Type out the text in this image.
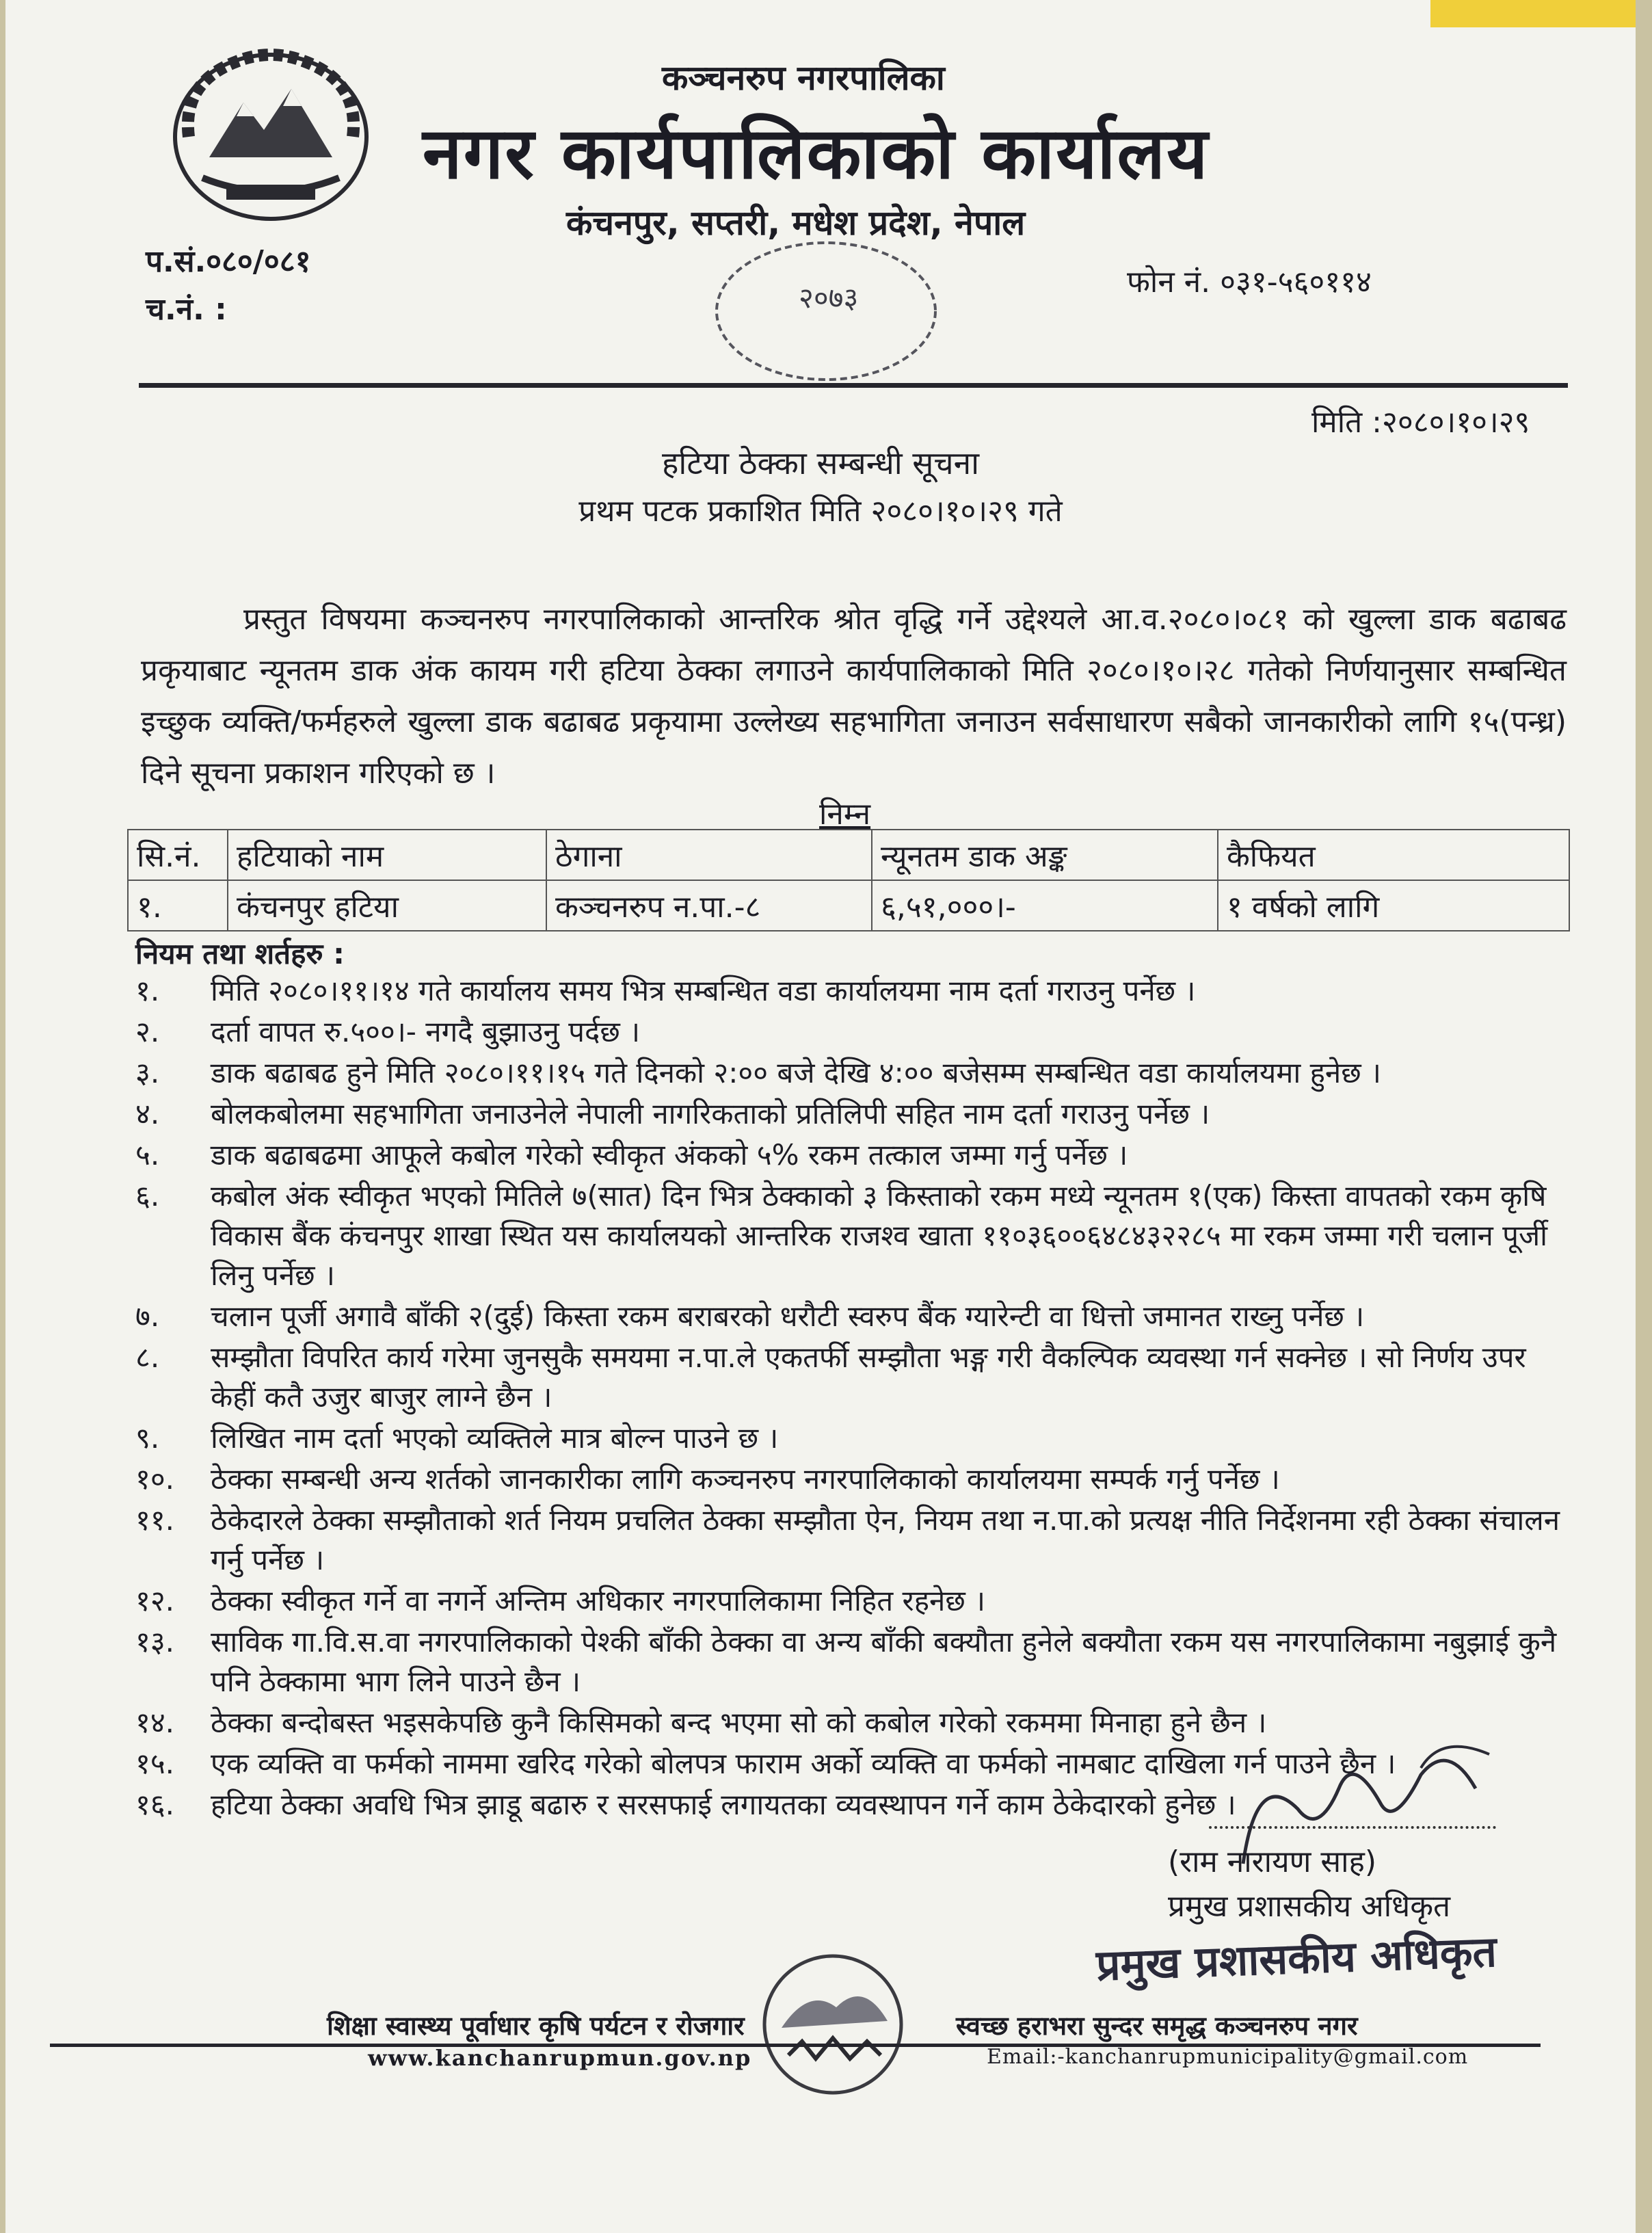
कञ्चनरुप नगरपालिका
नगर कार्यपालिकाको कार्यालय
कंचनपुर, सप्तरी, मधेश प्रदेश, नेपाल
प.सं.०८०/०८१
च.नं. :
फोन नं. ०३१-५६०११४
२०७३
मिति :२०८०।१०।२९
हटिया ठेक्का सम्बन्धी सूचना
प्रथम पटक प्रकाशित मिति २०८०।१०।२९ गते
प्रस्तुत विषयमा कञ्चनरुप नगरपालिकाको आन्तरिक श्रोत वृद्धि गर्ने उद्देश्यले आ.व.२०८०।०८१ को खुल्ला डाक बढाबढ प्रकृयाबाट न्यूनतम डाक अंक कायम गरी हटिया ठेक्का लगाउने कार्यपालिकाको मिति २०८०।१०।२८ गतेको निर्णयानुसार सम्बन्धित इच्छुक व्यक्ति/फर्महरुले खुल्ला डाक बढाबढ प्रकृयामा उल्लेख्य सहभागिता जनाउन सर्वसाधारण सबैको जानकारीको लागि १५(पन्ध्र) दिने सूचना प्रकाशन गरिएको छ ।
निम्न
सि.नं.	हटियाको नाम	ठेगाना	न्यूनतम डाक अङ्क	कैफियत
१.	कंचनपुर हटिया	कञ्चनरुप न.पा.-८	६,५१,०००।-	१ वर्षको लागि
नियम तथा शर्तहरु :
१.	मिति २०८०।११।१४ गते कार्यालय समय भित्र सम्बन्धित वडा कार्यालयमा नाम दर्ता गराउनु पर्नेछ ।
२.	दर्ता वापत रु.५००।- नगदै बुझाउनु पर्दछ ।
३.	डाक बढाबढ हुने मिति २०८०।११।१५ गते दिनको २:०० बजे देखि ४:०० बजेसम्म सम्बन्धित वडा कार्यालयमा हुनेछ ।
४.	बोलकबोलमा सहभागिता जनाउनेले नेपाली नागरिकताको प्रतिलिपी सहित नाम दर्ता गराउनु पर्नेछ ।
५.	डाक बढाबढमा आफूले कबोल गरेको स्वीकृत अंकको ५% रकम तत्काल जम्मा गर्नु पर्नेछ ।
६.	कबोल अंक स्वीकृत भएको मितिले ७(सात) दिन भित्र ठेक्काको ३ किस्ताको रकम मध्ये न्यूनतम १(एक) किस्ता वापतको रकम कृषि विकास बैंक कंचनपुर शाखा स्थित यस कार्यालयको आन्तरिक राजश्व खाता ११०३६००६४८४३२२८५ मा रकम जम्मा गरी चलान पूर्जी लिनु पर्नेछ ।
७.	चलान पूर्जी अगावै बाँकी २(दुई) किस्ता रकम बराबरको धरौटी स्वरुप बैंक ग्यारेन्टी वा धित्तो जमानत राख्नु पर्नेछ ।
८.	सम्झौता विपरित कार्य गरेमा जुनसुकै समयमा न.पा.ले एकतर्फी सम्झौता भङ्ग गरी वैकल्पिक व्यवस्था गर्न सक्नेछ । सो निर्णय उपर केहीं कतै उजुर बाजुर लाग्ने छैन ।
९.	लिखित नाम दर्ता भएको व्यक्तिले मात्र बोल्न पाउने छ ।
१०.	ठेक्का सम्बन्धी अन्य शर्तको जानकारीका लागि कञ्चनरुप नगरपालिकाको कार्यालयमा सम्पर्क गर्नु पर्नेछ ।
११.	ठेकेदारले ठेक्का सम्झौताको शर्त नियम प्रचलित ठेक्का सम्झौता ऐन, नियम तथा न.पा.को प्रत्यक्ष नीति निर्देशनमा रही ठेक्का संचालन गर्नु पर्नेछ ।
१२.	ठेक्का स्वीकृत गर्ने वा नगर्ने अन्तिम अधिकार नगरपालिकामा निहित रहनेछ ।
१३.	साविक गा.वि.स.वा नगरपालिकाको पेश्की बाँकी ठेक्का वा अन्य बाँकी बक्यौता हुनेले बक्यौता रकम यस नगरपालिकामा नबुझाई कुनै पनि ठेक्कामा भाग लिने पाउने छैन ।
१४.	ठेक्का बन्दोबस्त भइसकेपछि कुनै किसिमको बन्द भएमा सो को कबोल गरेको रकममा मिनाहा हुने छैन ।
१५.	एक व्यक्ति वा फर्मको नाममा खरिद गरेको बोलपत्र फाराम अर्को व्यक्ति वा फर्मको नामबाट दाखिला गर्न पाउने छैन ।
१६.	हटिया ठेक्का अवधि भित्र झाडू बढारु र सरसफाई लगायतका व्यवस्थापन गर्ने काम ठेकेदारको हुनेछ ।
(राम नारायण साह)
प्रमुख प्रशासकीय अधिकृत
प्रमुख प्रशासकीय अधिकृत
शिक्षा स्वास्थ्य पूर्वाधार कृषि पर्यटन र रोजगार	स्वच्छ हराभरा सुन्दर समृद्ध कञ्चनरुप नगर
www.kanchanrupmun.gov.np	Email:-kanchanrupmunicipality@gmail.com
